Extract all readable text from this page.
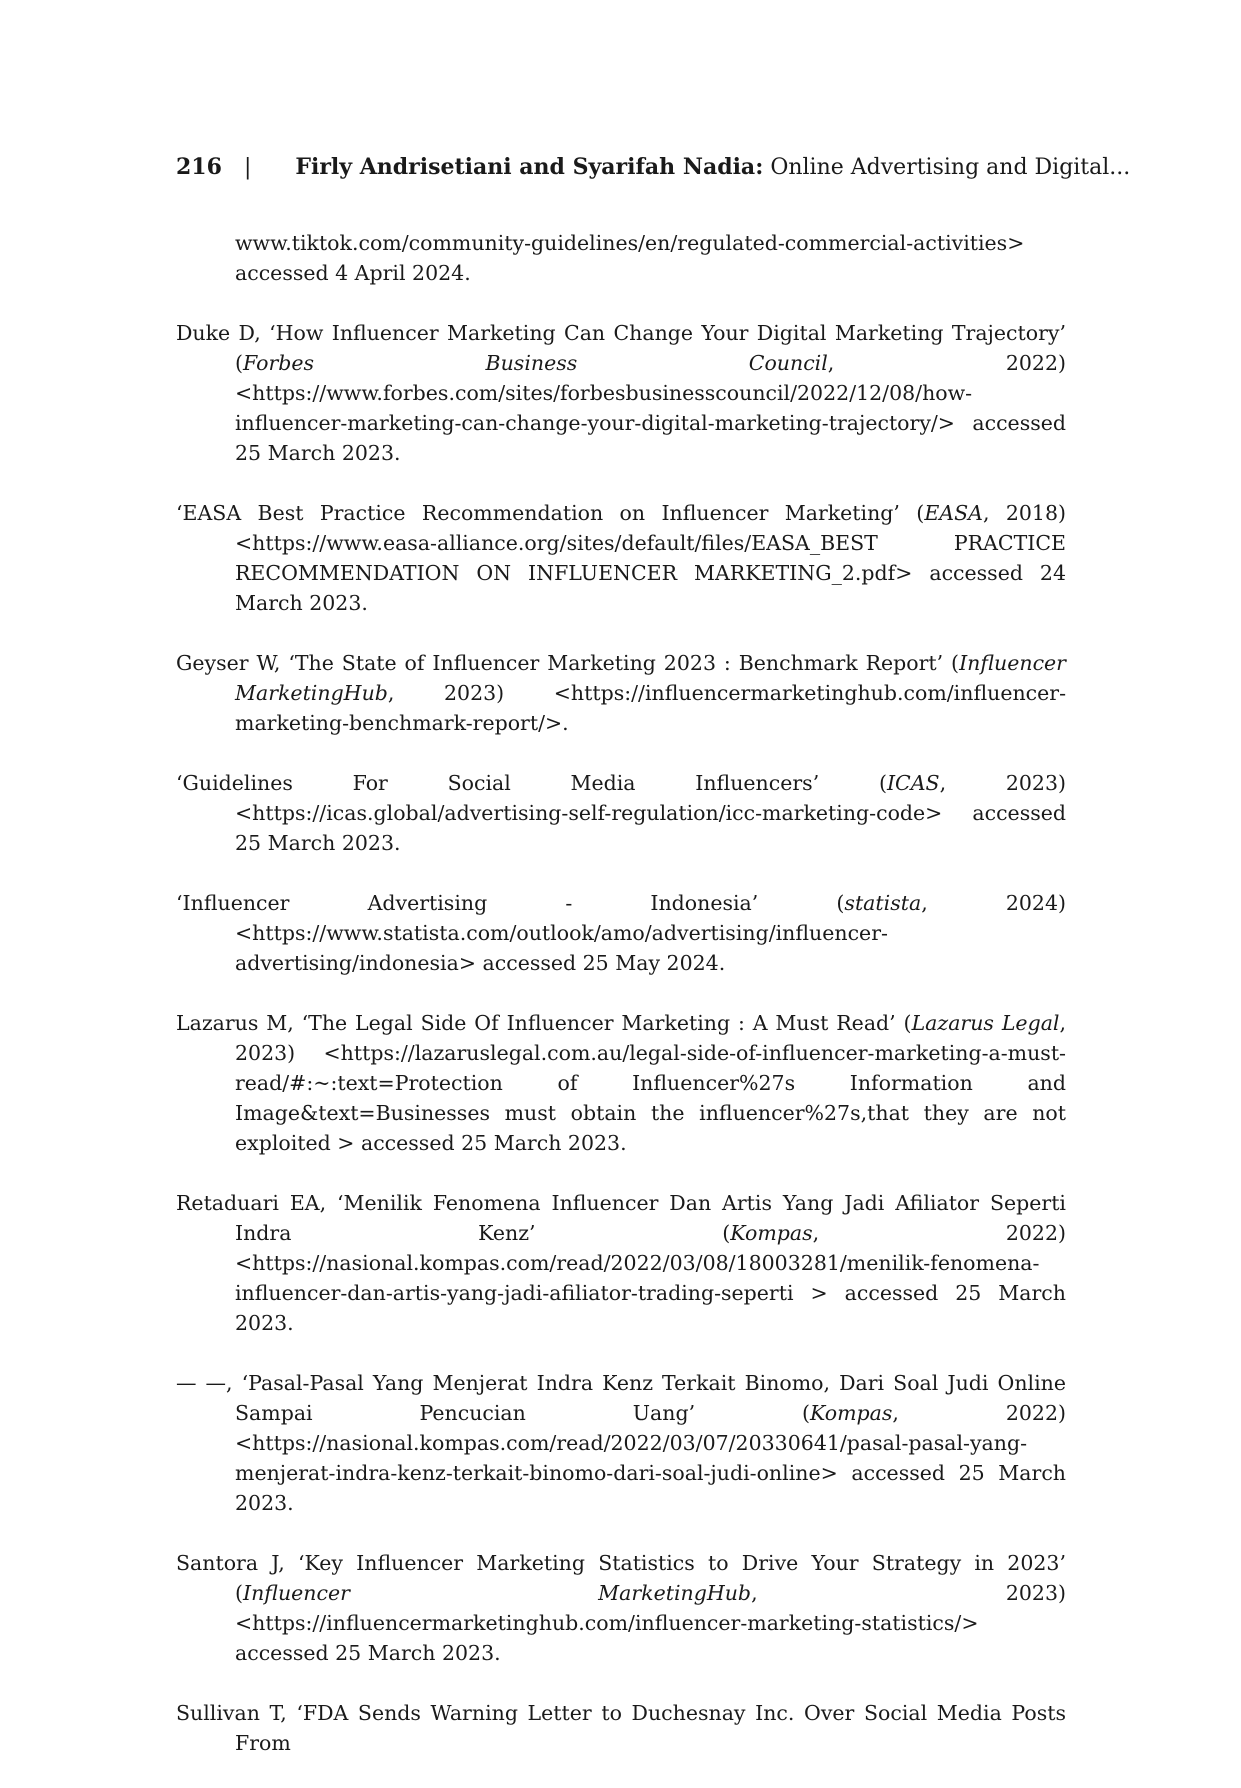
216 | Firly Andrisetiani and Syarifah Nadia: Online Advertising and Digital...

www.tiktok.com/community-guidelines/en/regulated-commercial-activities> accessed 4 April 2024.

Duke D, ‘How Influencer Marketing Can Change Your Digital Marketing Trajectory’ (Forbes Business Council, 2022) <https://www.forbes.com/sites/forbesbusinesscouncil/2022/12/08/how-influencer-marketing-can-change-your-digital-marketing-trajectory/> accessed 25 March 2023.

‘EASA Best Practice Recommendation on Influencer Marketing’ (EASA, 2018) <https://www.easa-alliance.org/sites/default/files/EASA_BEST PRACTICE RECOMMENDATION ON INFLUENCER MARKETING_2.pdf> accessed 24 March 2023.

Geyser W, ‘The State of Influencer Marketing 2023 : Benchmark Report’ (Influencer MarketingHub, 2023) <https://influencermarketinghub.com/influencer-marketing-benchmark-report/>.

‘Guidelines For Social Media Influencers’ (ICAS, 2023) <https://icas.global/advertising-self-regulation/icc-marketing-code> accessed 25 March 2023.

‘Influencer Advertising - Indonesia’ (statista, 2024) <https://www.statista.com/outlook/amo/advertising/influencer-advertising/indonesia> accessed 25 May 2024.

Lazarus M, ‘The Legal Side Of Influencer Marketing : A Must Read’ (Lazarus Legal, 2023) <https://lazaruslegal.com.au/legal-side-of-influencer-marketing-a-must-read/#:~:text=Protection of Influencer%27s Information and Image&text=Businesses must obtain the influencer%27s,that they are not exploited > accessed 25 March 2023.

Retaduari EA, ‘Menilik Fenomena Influencer Dan Artis Yang Jadi Afiliator Seperti Indra Kenz’ (Kompas, 2022) <https://nasional.kompas.com/read/2022/03/08/18003281/menilik-fenomena-influencer-dan-artis-yang-jadi-afiliator-trading-seperti > accessed 25 March 2023.

— —, ‘Pasal-Pasal Yang Menjerat Indra Kenz Terkait Binomo, Dari Soal Judi Online Sampai Pencucian Uang’ (Kompas, 2022) <https://nasional.kompas.com/read/2022/03/07/20330641/pasal-pasal-yang-menjerat-indra-kenz-terkait-binomo-dari-soal-judi-online> accessed 25 March 2023.

Santora J, ‘Key Influencer Marketing Statistics to Drive Your Strategy in 2023’ (Influencer MarketingHub, 2023) <https://influencermarketinghub.com/influencer-marketing-statistics/> accessed 25 March 2023.

Sullivan T, ‘FDA Sends Warning Letter to Duchesnay Inc. Over Social Media Posts From
